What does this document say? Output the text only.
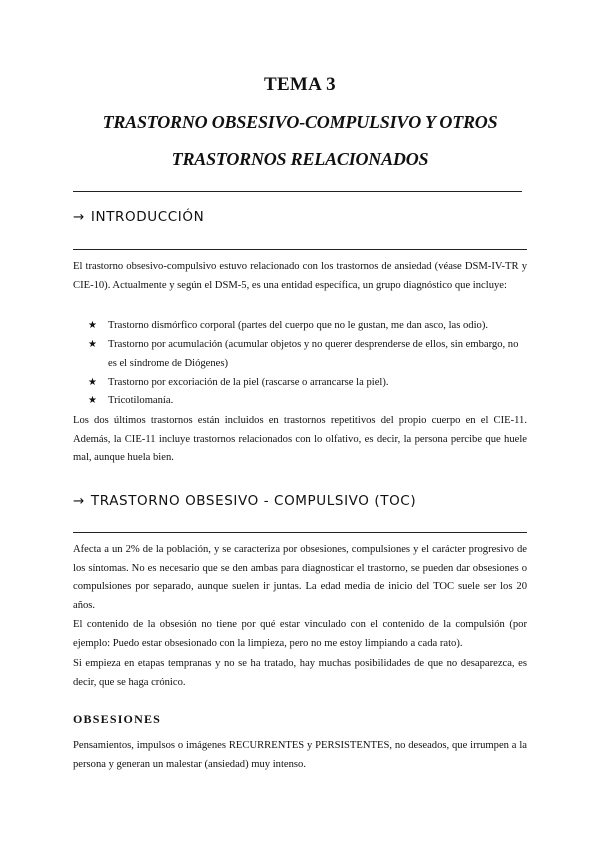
TEMA 3
TRASTORNO OBSESIVO-COMPULSIVO Y OTROS
TRASTORNOS RELACIONADOS
→ INTRODUCCIÓN

El trastorno obsesivo-compulsivo estuvo relacionado con los trastornos de ansiedad (véase DSM-IV-TR y CIE-10). Actualmente y según el DSM-5, es una entidad específica, un grupo diagnóstico que incluye:

★	Trastorno dismórfico corporal (partes del cuerpo que no le gustan, me dan asco, las odio).
★	Trastorno por acumulación (acumular objetos y no querer desprenderse de ellos, sin embargo, no es el síndrome de Diógenes)
★	Trastorno por excoriación de la piel (rascarse o arrancarse la piel).
★	Tricotilomanía.

Los dos últimos trastornos están incluidos en trastornos repetitivos del propio cuerpo en el CIE-11. Además, la CIE-11 incluye trastornos relacionados con lo olfativo, es decir, la persona percibe que huele mal, aunque huela bien.

→ TRASTORNO OBSESIVO - COMPULSIVO (TOC)

Afecta a un 2% de la población, y se caracteriza por obsesiones, compulsiones y el carácter progresivo de los síntomas. No es necesario que se den ambas para diagnosticar el trastorno, se pueden dar obsesiones o compulsiones por separado, aunque suelen ir juntas. La edad media de inicio del TOC suele ser los 20 años.

El contenido de la obsesión no tiene por qué estar vinculado con el contenido de la compulsión (por ejemplo: Puedo estar obsesionado con la limpieza, pero no me estoy limpiando a cada rato).

Si empieza en etapas tempranas y no se ha tratado, hay muchas posibilidades de que no desaparezca, es decir, que se haga crónico.

OBSESIONES

Pensamientos, impulsos o imágenes RECURRENTES y PERSISTENTES, no deseados, que irrumpen a la persona y generan un malestar (ansiedad) muy intenso.
